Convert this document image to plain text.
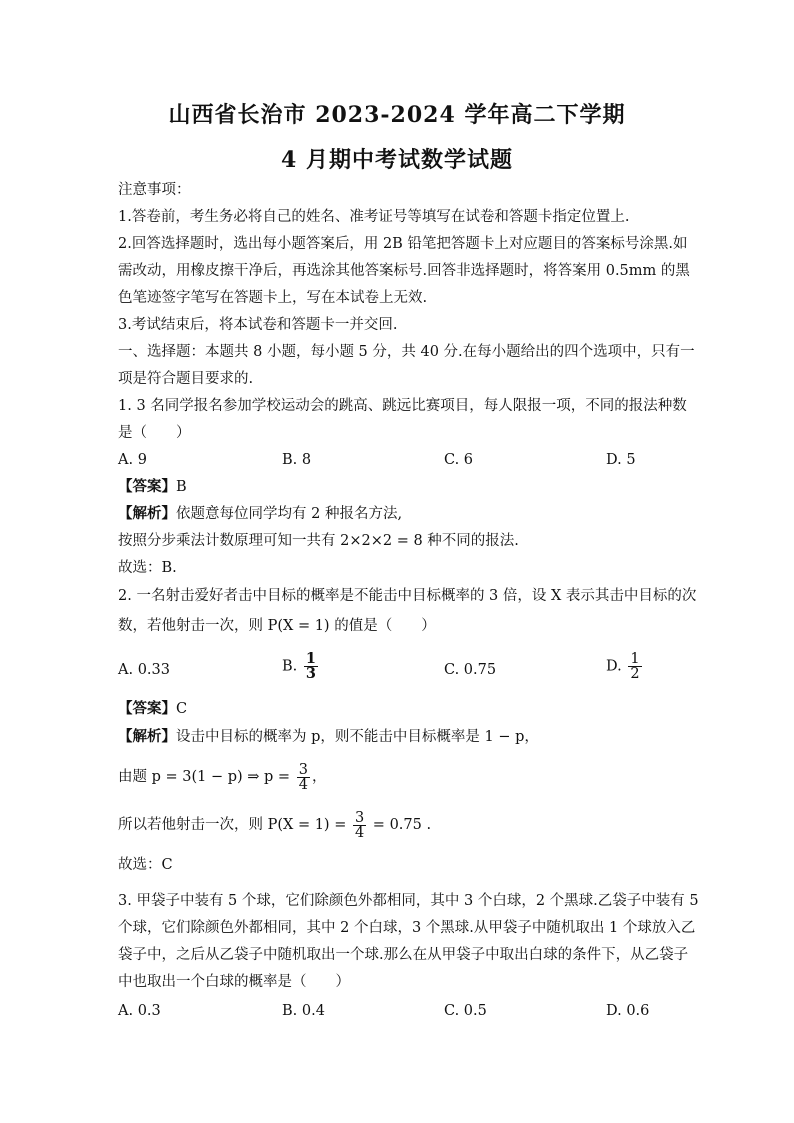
山西省长治市 2023-2024 学年高二下学期
4 月期中考试数学试题
注意事项：
1.答卷前，考生务必将自己的姓名、准考证号等填写在试卷和答题卡指定位置上.
2.回答选择题时，选出每小题答案后，用 2B 铅笔把答题卡上对应题目的答案标号涂黑.如
需改动，用橡皮擦干净后，再选涂其他答案标号.回答非选择题时，将答案用 0.5mm 的黑
色笔迹签字笔写在答题卡上，写在本试卷上无效.
3.考试结束后，将本试卷和答题卡一并交回.
一、选择题：本题共 8 小题，每小题 5 分，共 40 分.在每小题给出的四个选项中，只有一
项是符合题目要求的.
1. 3 名同学报名参加学校运动会的跳高、跳远比赛项目，每人限报一项，不同的报法种数
是（　　）
A. 9	B. 8	C. 6	D. 5
【答案】B
【解析】依题意每位同学均有 2 种报名方法,
按照分步乘法计数原理可知一共有 2×2×2 = 8 种不同的报法.
故选：B.
2. 一名射击爱好者击中目标的概率是不能击中目标概率的 3 倍，设 X 表示其击中目标的次
数，若他射击一次，则 P(X = 1) 的值是（　　）
A. 0.33	B. $\frac{1}{3}$	C. 0.75	D. $\frac{1}{2}$
【答案】C
【解析】设击中目标的概率为 p，则不能击中目标概率是 1 − p，
由题 p = 3(1 − p) ⇒ $p = \frac{3}{4}$ ，
所以若他射击一次，则 $P(X = 1) = \frac{3}{4} = 0.75$ .
故选：C
3. 甲袋子中装有 5 个球，它们除颜色外都相同，其中 3 个白球，2 个黑球.乙袋子中装有 5
个球，它们除颜色外都相同，其中 2 个白球，3 个黑球.从甲袋子中随机取出 1 个球放入乙
袋子中，之后从乙袋子中随机取出一个球.那么在从甲袋子中取出白球的条件下，从乙袋子
中也取出一个白球的概率是（　　）
A. 0.3	B. 0.4	C. 0.5	D. 0.6
